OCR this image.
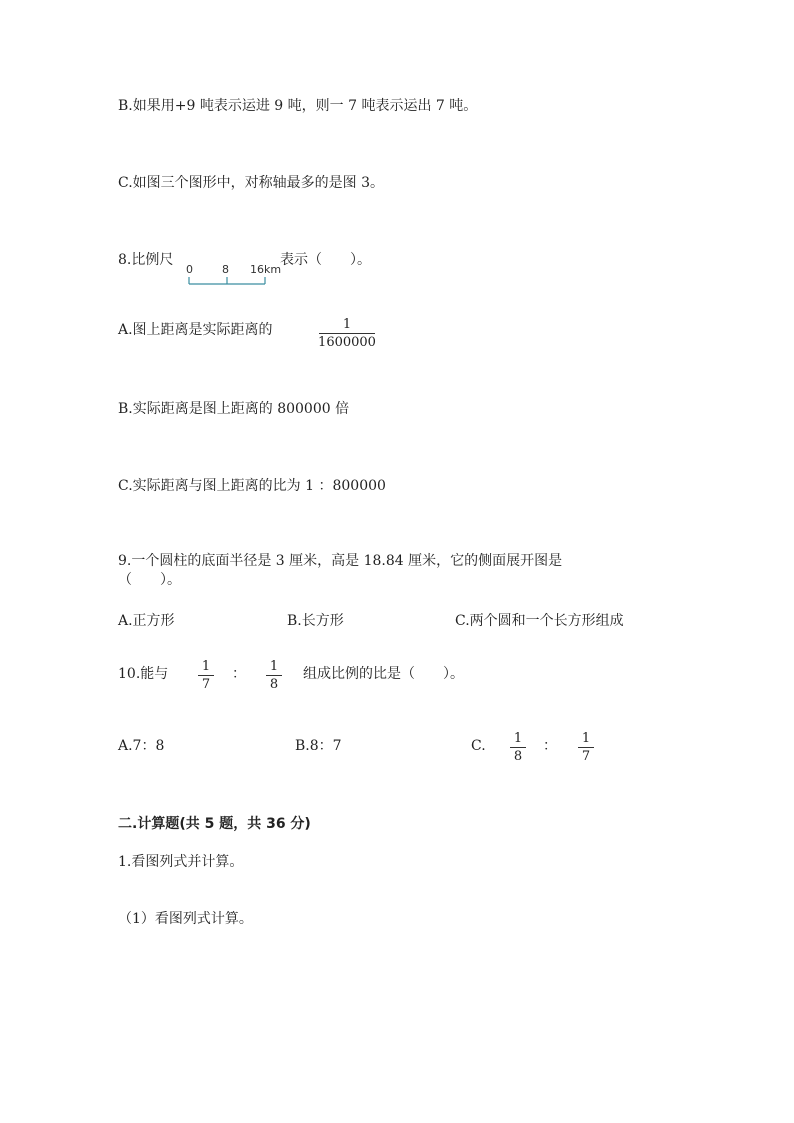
B.如果用+9 吨表示运进 9 吨，则一 7 吨表示运出 7 吨。
C.如图三个图形中，对称轴最多的是图 3。
8.比例尺
0	8 16km
表示（　　）。
A.图上距离是实际距离的	1
1600000
B.实际距离是图上距离的 800000 倍
C.实际距离与图上距离的比为 1 ：800000
9.一个圆柱的底面半径是 3 厘米，高是 18.84 厘米，它的侧面展开图是
（　　）。
A.正方形	B.长方形	C.两个圆和一个长方形组成
10.能与	1
7
： 1
8
组成比例的比是（　　）。
A.7：8	B.8：7	C. 1
8
： 1
7
二.计算题(共 5 题，共 36 分)
1.看图列式并计算。
（1）看图列式计算。
